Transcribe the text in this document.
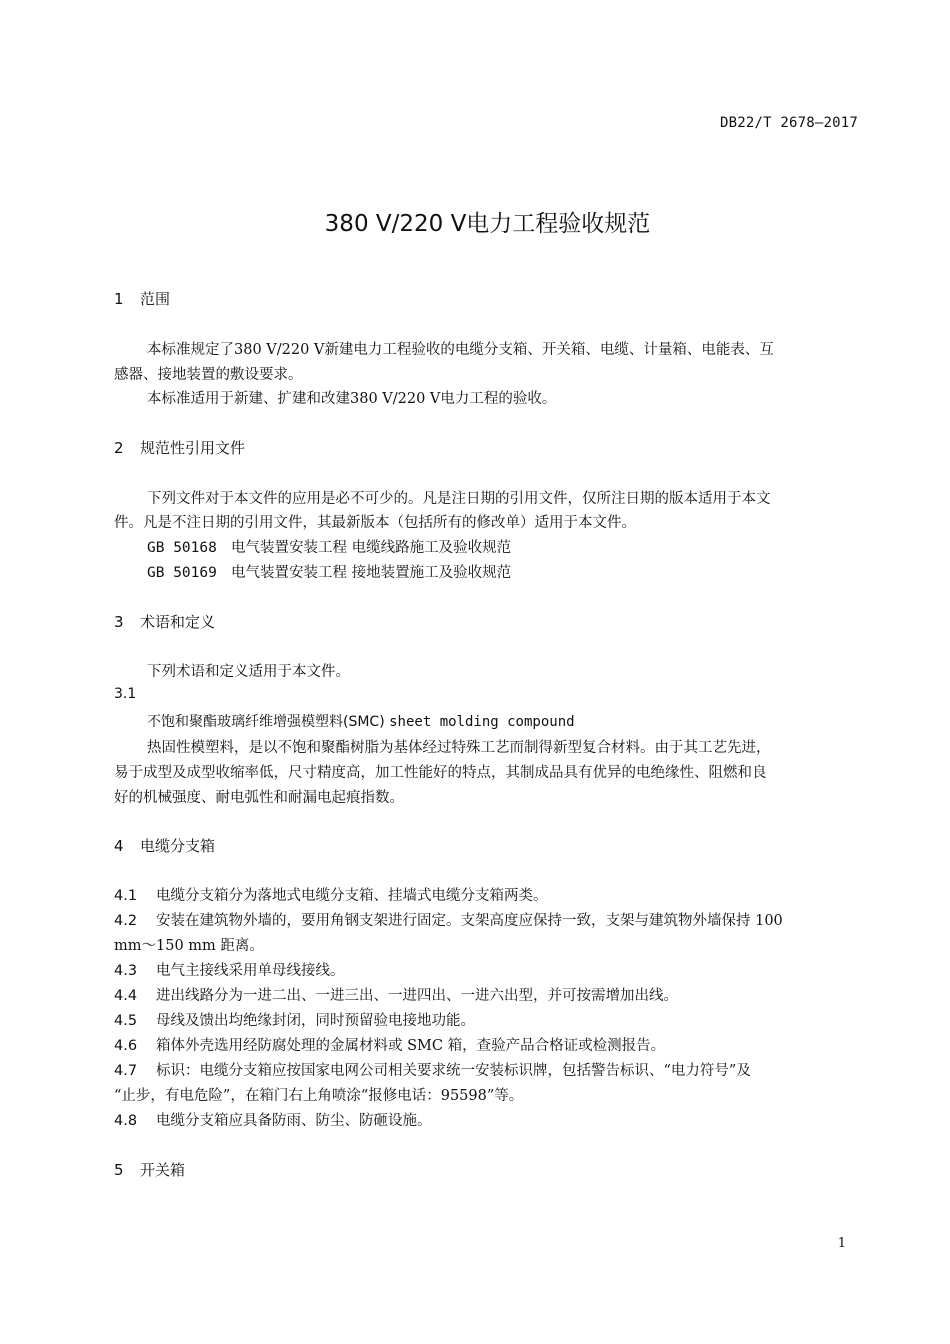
DB22/T 2678—2017
380 V/220 V电力工程验收规范
1 范围
本标准规定了380 V/220 V新建电力工程验收的电缆分支箱、开关箱、电缆、计量箱、电能表、互
感器、接地装置的敷设要求。
本标准适用于新建、扩建和改建380 V/220 V电力工程的验收。
2 规范性引用文件
下列文件对于本文件的应用是必不可少的。凡是注日期的引用文件，仅所注日期的版本适用于本文
件。凡是不注日期的引用文件，其最新版本（包括所有的修改单）适用于本文件。
GB 50168 电气装置安装工程 电缆线路施工及验收规范
GB 50169 电气装置安装工程 接地装置施工及验收规范
3 术语和定义
下列术语和定义适用于本文件。
3.1
不饱和聚酯玻璃纤维增强模塑料(SMC) sheet molding compound
热固性模塑料，是以不饱和聚酯树脂为基体经过特殊工艺而制得新型复合材料。由于其工艺先进，
易于成型及成型收缩率低，尺寸精度高，加工性能好的特点，其制成品具有优异的电绝缘性、阻燃和良
好的机械强度、耐电弧性和耐漏电起痕指数。
4 电缆分支箱
4.1 电缆分支箱分为落地式电缆分支箱、挂墙式电缆分支箱两类。
4.2 安装在建筑物外墙的，要用角钢支架进行固定。支架高度应保持一致，支架与建筑物外墙保持 100
mm～150 mm 距离。
4.3 电气主接线采用单母线接线。
4.4 进出线路分为一进二出、一进三出、一进四出、一进六出型，并可按需增加出线。
4.5 母线及馈出均绝缘封闭，同时预留验电接地功能。
4.6 箱体外壳选用经防腐处理的金属材料或 SMC 箱，查验产品合格证或检测报告。
4.7 标识：电缆分支箱应按国家电网公司相关要求统一安装标识牌，包括警告标识、“电力符号”及
“止步，有电危险”，在箱门右上角喷涂“报修电话：95598”等。
4.8 电缆分支箱应具备防雨、防尘、防砸设施。
5 开关箱
1
